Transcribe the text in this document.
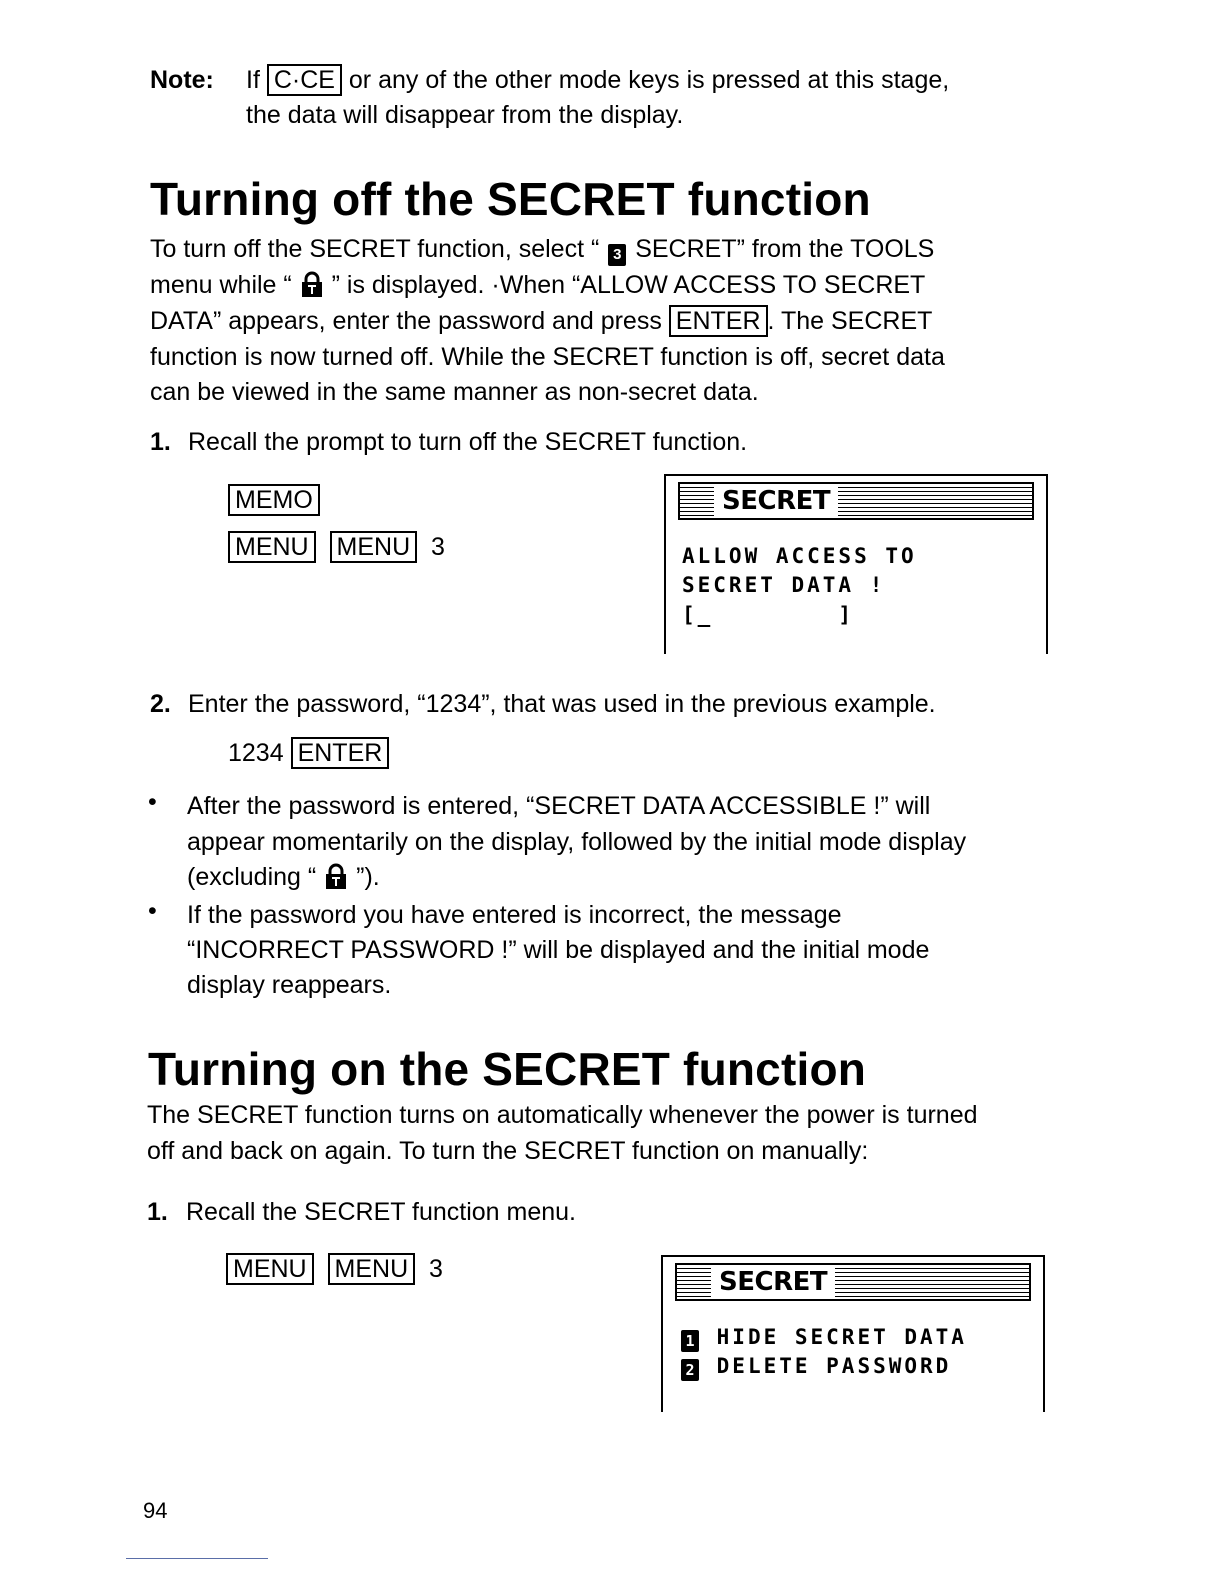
Note: If C·CE or any of the other mode keys is pressed at this stage,
the data will disappear from the display.
Turning off the SECRET function
To turn off the SECRET function, select “ 3 SECRET” from the TOOLS
menu while “  ” is displayed. ·When “ALLOW ACCESS TO SECRET
DATA” appears, enter the password and press ENTER . The SECRET
function is now turned off. While the SECRET function is off, secret data
can be viewed in the same manner as non-secret data.
1. Recall the prompt to turn off the SECRET function.
MEMO
MENU MENU 3
SECRET
ALLOW ACCESS TO
SECRET DATA !
[_        ]
2. Enter the password, “1234”, that was used in the previous example.
1234 ENTER
• After the password is entered, “SECRET DATA ACCESSIBLE !” will
appear momentarily on the display, followed by the initial mode display
(excluding “  ”).
• If the password you have entered is incorrect, the message
“INCORRECT PASSWORD !” will be displayed and the initial mode
display reappears.
Turning on the SECRET function
The SECRET function turns on automatically whenever the power is turned
off and back on again. To turn the SECRET function on manually:
1. Recall the SECRET function menu.
MENU MENU 3	SECRET
1 HIDE SECRET DATA
2 DELETE PASSWORD
94
